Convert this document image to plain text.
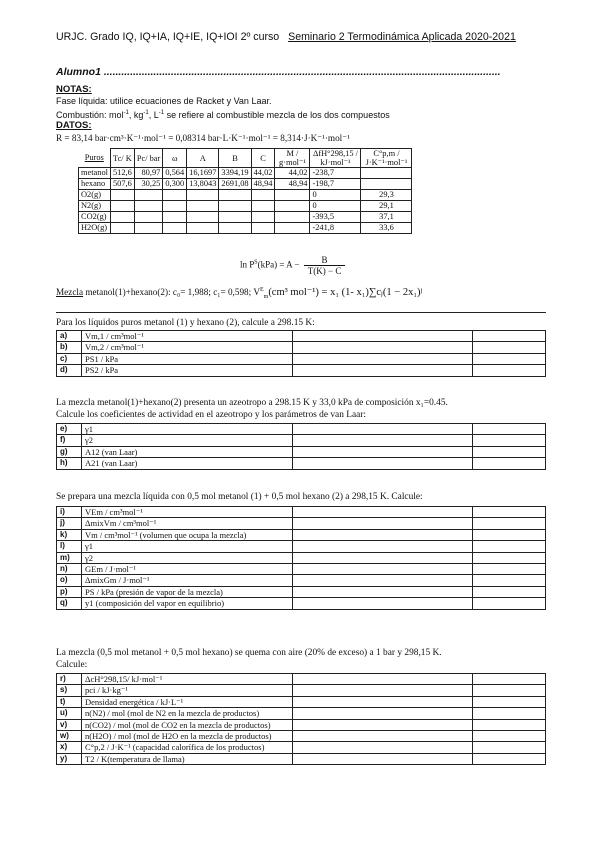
URJC. Grado IQ, IQ+IA, IQ+IE, IQ+IOI 2º curso Seminario 2 Termodinámica Aplicada 2020-2021
Alumno1 ........................................................................................................................................
NOTAS:
Fase líquida: utilice ecuaciones de Racket y Van Laar.
Combustión: mol$^{-1}$, $kg^{-1}$, $L^{-1}$ se refiere al combustible mezcla de los dos compuestos
DATOS:
R = 83,14 bar·cm³·K⁻¹·mol⁻¹ = 0,08314 bar·L·K⁻¹·mol⁻¹ = 8,314·J·K⁻¹·mol⁻¹
Puros	Tc/ K	Pc/ bar	ω	A	B	C	M / g·mol⁻¹	ΔfH°298,15 / kJ·mol⁻¹	C°p,m / J·K⁻¹·mol⁻¹
metanol	512,6	80,97	0,564	16,1697	3394,19	44,02	44,02	-238,7	
hexano	507,6	30,25	0,300	13,8043	2691,08	48,94	48,94	-198,7	
O2(g)								0	29,3
N2(g)								0	29,1
CO2(g)								-393,5	37,1
H2O(g)								-241,8	33,6
$\ln P^S(kPa) = A - \frac{B}{T(K) - C}$
Mezcla metanol(1)+hexano(2): c₀= 1,988; c₁= 0,598; $V^E_m(cm^3$ mol⁻¹) = x₁ (1- x₁)∑cⱼ(1 − 2x₁)ʲ
Para los líquidos puros metanol (1) y hexano (2), calcule a 298.15 K:
a)	Vm,1 / cm³mol⁻¹		
b)	Vm,2 / cm³mol⁻¹		
c)	PS1 / kPa		
d)	PS2 / kPa		
La mezcla metanol(1)+hexano(2) presenta un azeotropo a 298.15 K y 33,0 kPa de composición x₁=0.45.
Calcule los coeficientes de actividad en el azeotropo y los parámetros de van Laar:
e)	γ1		
f)	γ2		
g)	A12 (van Laar)		
h)	A21 (van Laar)		
Se prepara una mezcla líquida con 0,5 mol metanol (1) + 0,5 mol hexano (2) a 298,15 K. Calcule:
i)	VEm / cm³mol⁻¹		
j)	ΔmixVm / cm³mol⁻¹		
k)	Vm / cm³mol⁻¹ (volumen que ocupa la mezcla)		
l)	γ1		
m)	γ2		
n)	GEm / J·mol⁻¹		
o)	ΔmixGm / J·mol⁻¹		
p)	PS / kPa (presión de vapor de la mezcla)		
q)	y1 (composición del vapor en equilibrio)		
La mezcla (0,5 mol metanol + 0,5 mol hexano) se quema con aire (20% de exceso) a 1 bar y 298,15 K.
Calcule:
r)	ΔcH°298,15/ kJ·mol⁻¹		
s)	pci / kJ·kg⁻¹		
t)	Densidad energética / kJ·L⁻¹		
u)	n(N2) / mol (mol de N2 en la mezcla de productos)		
v)	n(CO2) / mol (mol de CO2 en la mezcla de productos)		
w)	n(H2O) / mol (mol de H2O en la mezcla de productos)		
x)	C°p,2 / J·K⁻¹ (capacidad calorífica de los productos)		
y)	T2 / K(temperatura de llama)		
